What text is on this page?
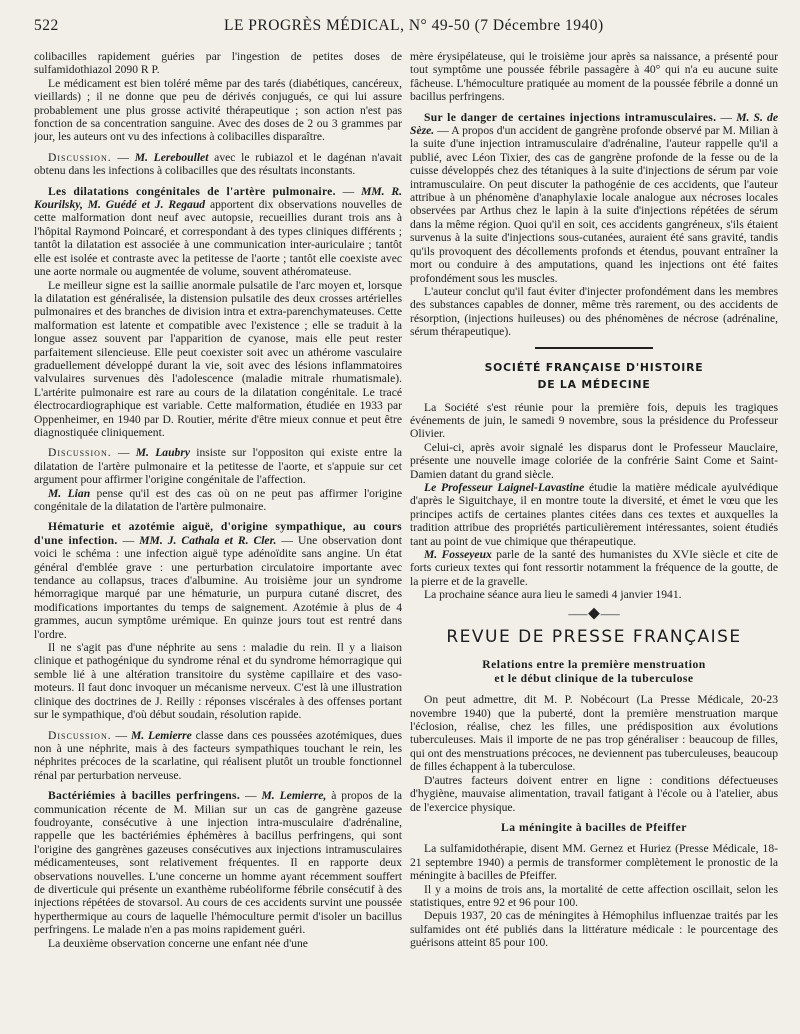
522	LE PROGRÈS MÉDICAL, N° 49-50 (7 Décembre 1940)

colibacilles rapidement guéries par l'ingestion de petites doses de sulfamidothiazol 2090 R P.

Le médicament est bien toléré même par des tarés (diabétiques, cancéreux, vieillards) ; il ne donne que peu de dérivés conjugués, ce qui lui assure probablement une plus grosse activité thérapeutique ; son action n'est pas fonction de sa concentration sanguine. Avec des doses de 2 ou 3 grammes par jour, les auteurs ont vu des infections à colibacilles disparaître.

Discussion. — M. Lereboullet avec le rubiazol et le dagénan n'avait obtenu dans les infections à colibacilles que des résultats inconstants.

Les dilatations congénitales de l'artère pulmonaire. — MM. R. Kourilsky, M. Guédé et J. Regaud apportent dix observations nouvelles de cette malformation dont neuf avec autopsie, recueillies durant trois ans à l'hôpital Raymond Poincaré, et correspondant à des types cliniques différents ; tantôt la dilatation est associée à une communication inter-auriculaire ; tantôt elle est isolée et contraste avec la petitesse de l'aorte ; tantôt elle coexiste avec une aorte normale ou augmentée de volume, souvent athéromateuse.

Le meilleur signe est la saillie anormale pulsatile de l'arc moyen et, lorsque la dilatation est généralisée, la distension pulsatile des deux crosses artérielles pulmonaires et des branches de division intra et extra-parenchymateuses. Cette malformation est latente et compatible avec l'existence ; elle se traduit à la longue assez souvent par l'apparition de cyanose, mais elle peut rester parfaitement silencieuse. Elle peut coexister soit avec un athérome vasculaire graduellement développé durant la vie, soit avec des lésions inflammatoires valvulaires survenues dès l'adolescence (maladie mitrale rhumatismale). L'artérite pulmonaire est rare au cours de la dilatation congénitale. Le tracé électrocardiographique est variable. Cette malformation, étudiée en 1933 par Oppenheimer, en 1940 par D. Routier, mérite d'être mieux connue et peut être diagnostiquée cliniquement.

Discussion. — M. Laubry insiste sur l'oppositon qui existe entre la dilatation de l'artère pulmonaire et la petitesse de l'aorte, et s'appuie sur cet argument pour affirmer l'origine congénitale de l'affection.

M. Lian pense qu'il est des cas où on ne peut pas affirmer l'origine congénitale de la dilatation de l'artère pulmonaire.

Hématurie et azotémie aiguë, d'origine sympathique, au cours d'une infection. — MM. J. Cathala et R. Cler. — Une observation dont voici le schéma : une infection aiguë type adénoïdite sans angine. Un état général d'emblée grave : une perturbation circulatoire importante avec tendance au collapsus, traces d'albumine. Au troisième jour un syndrome hémorragique marqué par une hématurie, un purpura cutané discret, des modifications importantes du temps de saignement. Azotémie à plus de 4 grammes, aucun symptôme urémique. En quinze jours tout est rentré dans l'ordre.

Il ne s'agit pas d'une néphrite au sens : maladie du rein. Il y a liaison clinique et pathogénique du syndrome rénal et du syndrome hémorragique qui semble lié à une altération transitoire du système capillaire et des vaso-moteurs. Il faut donc invoquer un mécanisme nerveux. C'est là une illustration clinique des doctrines de J. Reilly : réponses viscérales à des offenses portant sur le sympathique, d'où début soudain, résolution rapide.

Discussion. — M. Lemierre classe dans ces poussées azotémiques, dues non à une néphrite, mais à des facteurs sympathiques touchant le rein, les néphrites précoces de la scarlatine, qui réalisent plutôt un trouble fonctionnel rénal par perturbation nerveuse.

Bactériémies à bacilles perfringens. — M. Lemierre, à propos de la communication récente de M. Milian sur un cas de gangrène gazeuse foudroyante, consécutive à une injection intra-musculaire d'adrénaline, rappelle que les bactériémies éphémères à bacillus perfringens, qui sont l'origine des gangrènes gazeuses consécutives aux injections intramusculaires médicamenteuses, sont relativement fréquentes. Il en rapporte deux observations nouvelles. L'une concerne un homme ayant récemment souffert de diverticule qui présente un exanthème rubéoliforme fébrile consécutif à des injections répétées de stovarsol. Au cours de ces accidents survint une poussée hyperthermique au cours de laquelle l'hémoculture permit d'isoler un bacillus perfringens. Le malade n'en a pas moins rapidement guéri.

La deuxième observation concerne une enfant née d'une

mère érysipélateuse, qui le troisième jour après sa naissance, a présenté pour tout symptôme une poussée fébrile passagère à 40° qui n'a eu aucune suite fâcheuse. L'hémoculture pratiquée au moment de la poussée fébrile a donné un bacillus perfringens.

Sur le danger de certaines injections intramusculaires. — M. S. de Sèze. — A propos d'un accident de gangrène profonde observé par M. Milian à la suite d'une injection intramusculaire d'adrénaline, l'auteur rappelle qu'il a publié, avec Léon Tixier, des cas de gangrène profonde de la fesse ou de la cuisse développés chez des tétaniques à la suite d'injections de sérum par voie intramusculaire. On peut discuter la pathogénie de ces accidents, que l'auteur attribue à un phénomène d'anaphylaxie locale analogue aux nécroses locales observées par Arthus chez le lapin à la suite d'injections répétées de sérum dans la même région. Quoi qu'il en soit, ces accidents gangréneux, s'ils étaient survenus à la suite d'injections sous-cutanées, auraient été sans gravité, tandis qu'ils provoquent des décollements profonds et étendus, pouvant entraîner la mort ou conduire à des amputations, quand les injections ont été faites profondément sous les muscles.

L'auteur conclut qu'il faut éviter d'injecter profondément dans les membres des substances capables de donner, même très rarement, ou des accidents de résorption, (injections huileuses) ou des phénomènes de nécrose (adrénaline, sérum thérapeutique).

SOCIÉTÉ FRANÇAISE D'HISTOIRE
DE LA MÉDECINE

La Société s'est réunie pour la première fois, depuis les tragiques événements de juin, le samedi 9 novembre, sous la présidence du Professeur Olivier.

Celui-ci, après avoir signalé les disparus dont le Professeur Mauclaire, présente une nouvelle image coloriée de la confrérie Saint Come et Saint-Damien datant du grand siècle.

Le Professeur Laignel-Lavastine étudie la matière médicale ayulvédique d'après le Siguitchaye, il en montre toute la diversité, et émet le vœu que les principes actifs de certaines plantes citées dans ces textes et auxquelles la tradition attribue des propriétés particulièrement intéressantes, soient étudiés tant au point de vue chimique que thérapeutique.

M. Fosseyeux parle de la santé des humanistes du XVIe siècle et cite de forts curieux textes qui font ressortir notamment la fréquence de la goutte, de la pierre et de la gravelle.

La prochaine séance aura lieu le samedi 4 janvier 1941.

⸺◆⸺
REVUE DE PRESSE FRANÇAISE
Relations entre la première menstruation
et le début clinique de la tuberculose

On peut admettre, dit M. P. Nobécourt (La Presse Médicale, 20-23 novembre 1940) que la puberté, dont la première menstruation marque l'éclosion, réalise, chez les filles, une prédisposition aux évolutions tuberculeuses. Mais il importe de ne pas trop généraliser : beaucoup de filles, qui ont des menstruations précoces, ne deviennent pas tuberculeuses, beaucoup de filles échappent à la tuberculose.

D'autres facteurs doivent entrer en ligne : conditions défectueuses d'hygiène, mauvaise alimentation, travail fatigant à l'école ou à l'atelier, abus de l'exercice physique.

La méningite à bacilles de Pfeiffer

La sulfamidothérapie, disent MM. Gernez et Huriez (Presse Médicale, 18-21 septembre 1940) a permis de transformer complètement le pronostic de la méningite à bacilles de Pfeiffer.

Il y a moins de trois ans, la mortalité de cette affection oscillait, selon les statistiques, entre 92 et 96 pour 100.

Depuis 1937, 20 cas de méningites à Hémophilus influenzae traités par les sulfamides ont été publiés dans la littérature médicale : le pourcentage des guérisons atteint 85 pour 100.
